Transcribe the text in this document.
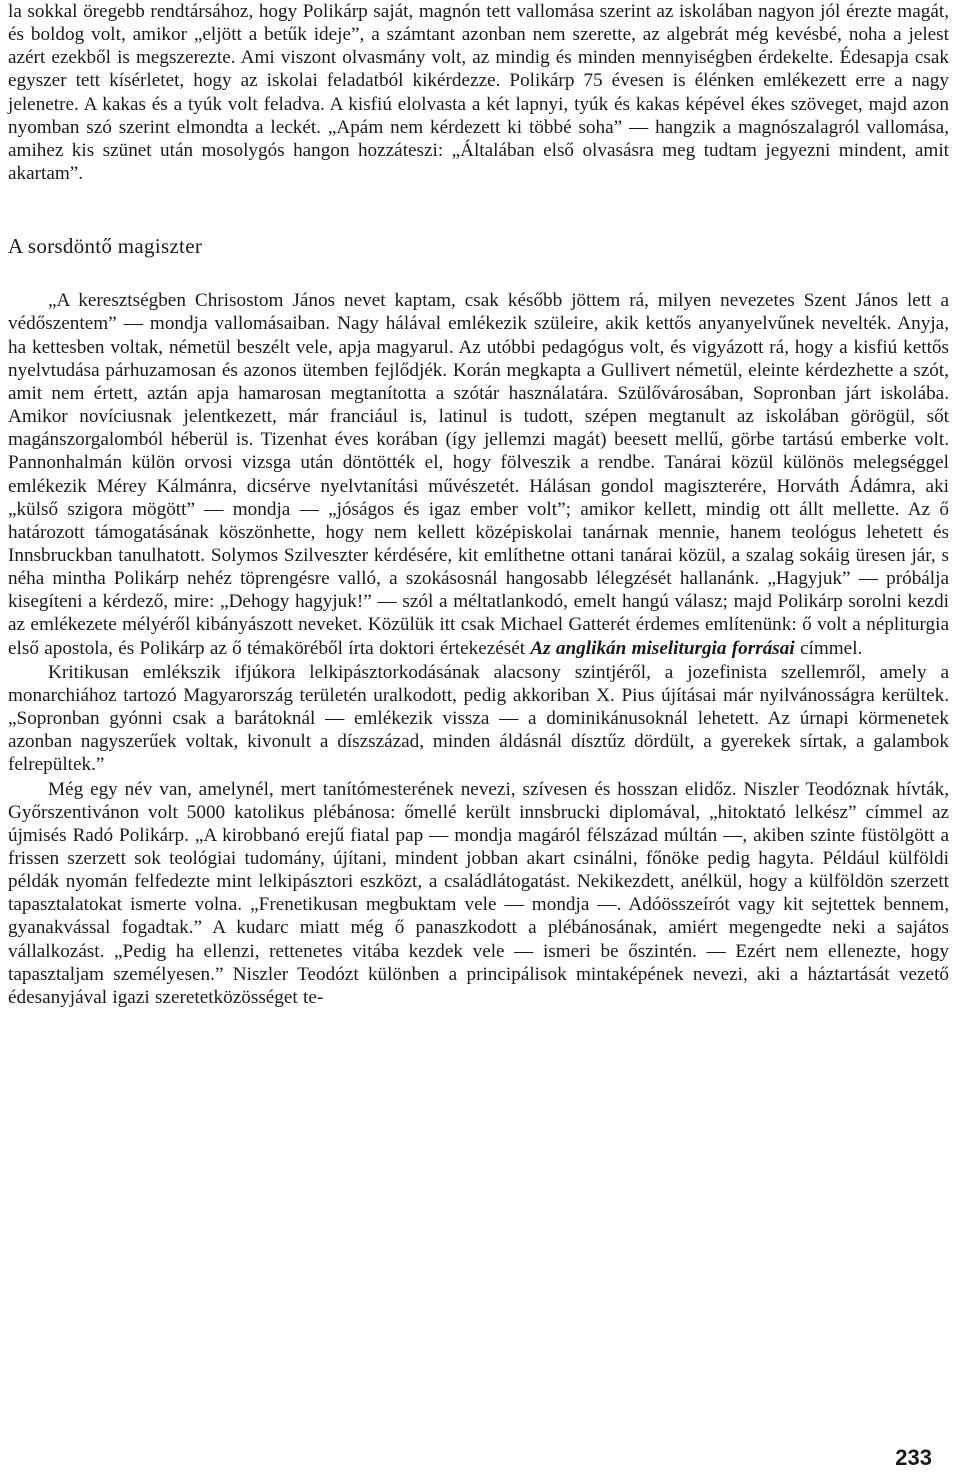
la sokkal öregebb rendtársához, hogy Polikárp saját, magnón tett vallomása szerint az iskolában nagyon jól érezte magát, és boldog volt, amikor „eljött a betűk ideje”, a számtant azonban nem szerette, az algebrát még kevésbé, noha a jelest azért ezekből is megszerezte. Ami viszont olvasmány volt, az mindig és minden mennyiségben érdekelte. Édesapja csak egyszer tett kísérletet, hogy az iskolai feladatból kikérdezze. Polikárp 75 évesen is élénken emlékezett erre a nagy jelenetre. A kakas és a tyúk volt feladva. A kisfiú elolvasta a két lapnyi, tyúk és kakas képével ékes szöveget, majd azon nyomban szó szerint elmondta a leckét. „Apám nem kérdezett ki többé soha” — hangzik a magnószalagról vallomása, amihez kis szünet után mosolygós hangon hozzáteszi: „Általában első olvasásra meg tudtam jegyezni mindent, amit akartam”.

A sorsdöntő magiszter

„A keresztségben Chrisostom János nevet kaptam, csak később jöttem rá, milyen nevezetes Szent János lett a védőszentem” — mondja vallomásaiban. Nagy hálával emlékezik szüleire, akik kettős anyanyelvűnek nevelték. Anyja, ha kettesben voltak, németül beszélt vele, apja magyarul. Az utóbbi pedagógus volt, és vigyázott rá, hogy a kisfiú kettős nyelvtudása párhuzamosan és azonos ütemben fejlődjék. Korán megkapta a Gullivert németül, eleinte kérdezhette a szót, amit nem értett, aztán apja hamarosan megtanította a szótár használatára. Szülővárosában, Sopronban járt iskolába. Amikor novíciusnak jelentkezett, már franciául is, latinul is tudott, szépen megtanult az iskolában görögül, sőt magánszorgalomból héberül is. Tizenhat éves korában (így jellemzi magát) beesett mellű, görbe tartású emberke volt. Pannonhalmán külön orvosi vizsga után döntötték el, hogy fölveszik a rendbe. Tanárai közül különös melegséggel emlékezik Mérey Kálmánra, dicsérve nyelvtanítási művészetét. Hálásan gondol magiszterére, Horváth Ádámra, aki „külső szigora mögött” — mondja — „jóságos és igaz ember volt”; amikor kellett, mindig ott állt mellette. Az ő határozott támogatásának köszönhette, hogy nem kellett középiskolai tanárnak mennie, hanem teológus lehetett és Innsbruckban tanulhatott. Solymos Szilveszter kérdésére, kit említhetne ottani tanárai közül, a szalag sokáig üresen jár, s néha mintha Polikárp nehéz töprengésre valló, a szokásosnál hangosabb lélegzését hallanánk. „Hagyjuk” — próbálja kisegíteni a kérdező, mire: „Dehogy hagyjuk!” — szól a méltatlankodó, emelt hangú válasz; majd Polikárp sorolni kezdi az emlékezete mélyéről kibányászott neveket. Közülük itt csak Michael Gatterét érdemes említenünk: ő volt a népliturgia első apostola, és Polikárp az ő témaköréből írta doktori értekezését Az anglikán miseliturgia forrásai címmel.

Kritikusan emlékszik ifjúkora lelkipásztorkodásának alacsony szintjéről, a jozefinista szellemről, amely a monarchiához tartozó Magyarország területén uralkodott, pedig akkoriban X. Pius újításai már nyilvánosságra kerültek. „Sopronban gyónni csak a barátoknál — emlékezik vissza — a dominikánusoknál lehetett. Az úrnapi körmenetek azonban nagyszerűek voltak, kivonult a díszszázad, minden áldásnál dísztűz dördült, a gyerekek sírtak, a galambok felrepültek.”

Még egy név van, amelynél, mert tanítómesterének nevezi, szívesen és hosszan elidőz. Niszler Teodóznak hívták, Győrszentivánon volt 5000 katolikus plébánosa: őmellé került innsbrucki diplomával, „hitoktató lelkész” címmel az újmisés Radó Polikárp. „A kirobbanó erejű fiatal pap — mondja magáról félszázad múltán —, akiben szinte füstölgött a frissen szerzett sok teológiai tudomány, újítani, mindent jobban akart csinálni, főnöke pedig hagyta. Például külföldi példák nyomán felfedezte mint lelkipásztori eszközt, a családlátogatást. Nekikezdett, anélkül, hogy a külföldön szerzett tapasztalatokat ismerte volna. „Frenetikusan megbuktam vele — mondja —. Adóösszeírót vagy kit sejtettek bennem, gyanakvással fogadtak.” A kudarc miatt még ő panaszkodott a plébánosának, amiért megengedte neki a sajátos vállalkozást. „Pedig ha ellenzi, rettenetes vitába kezdek vele — ismeri be őszintén. — Ezért nem ellenezte, hogy tapasztaljam személyesen.” Niszler Teodózt különben a principálisok mintaképének nevezi, aki a háztartását vezető édesanyjával igazi szeretetközösséget te-

233
